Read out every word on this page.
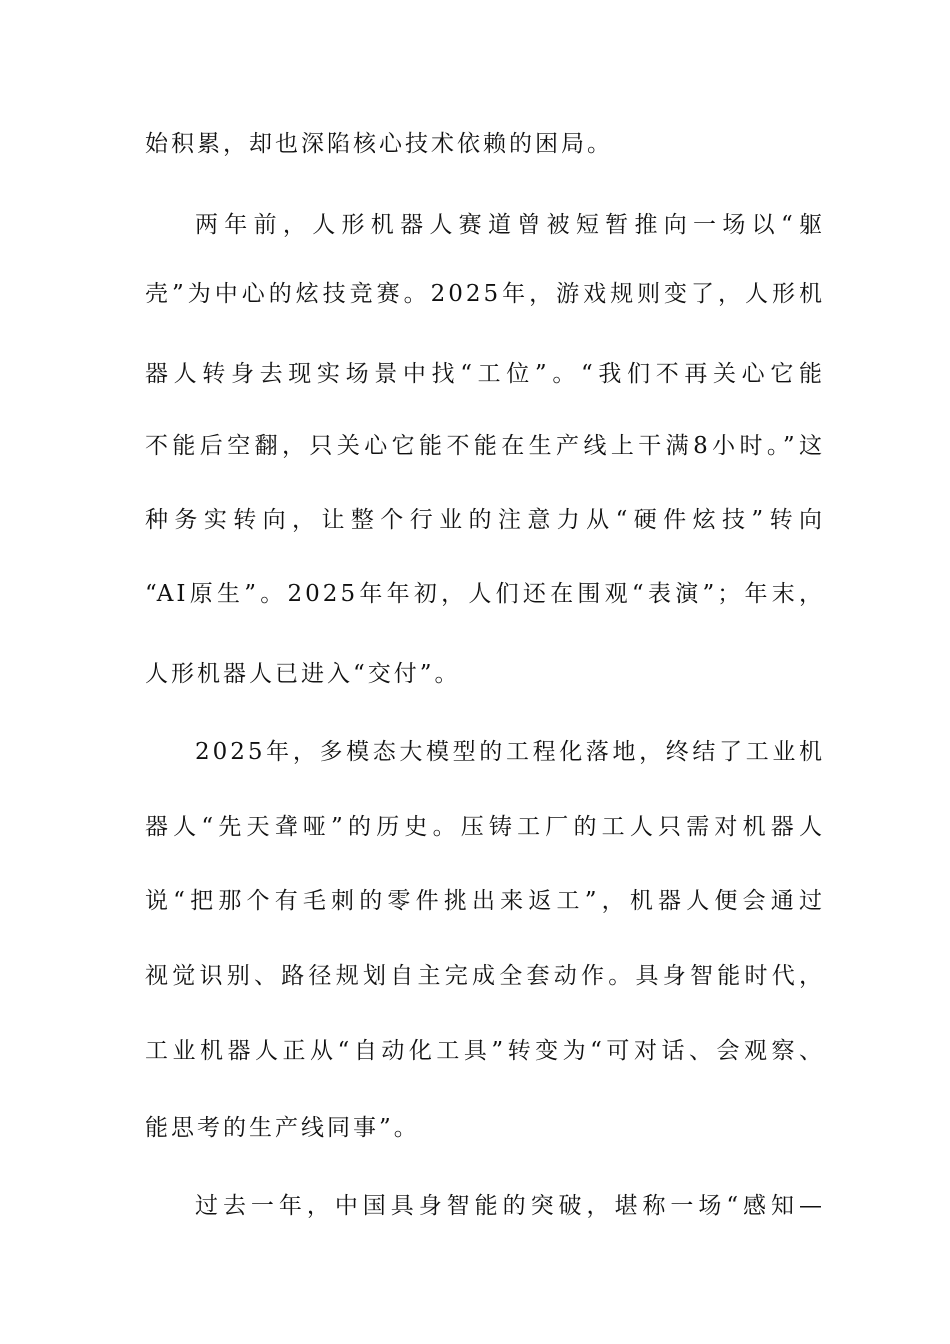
始积累，却也深陷核心技术依赖的困局。
两年前，人形机器人赛道曾被短暂推向一场以“躯
壳”为中心的炫技竞赛。2025年，游戏规则变了，人形机
器人转身去现实场景中找“工位”。“我们不再关心它能
不能后空翻，只关心它能不能在生产线上干满8小时。”这
种务实转向，让整个行业的注意力从“硬件炫技”转向
“AI原生”。2025年年初，人们还在围观“表演”；年末，
人形机器人已进入“交付”。
2025年，多模态大模型的工程化落地，终结了工业机
器人“先天聋哑”的历史。压铸工厂的工人只需对机器人
说“把那个有毛刺的零件挑出来返工”，机器人便会通过
视觉识别、路径规划自主完成全套动作。具身智能时代，
工业机器人正从“自动化工具”转变为“可对话、会观察、
能思考的生产线同事”。
过去一年，中国具身智能的突破，堪称一场“感知—
